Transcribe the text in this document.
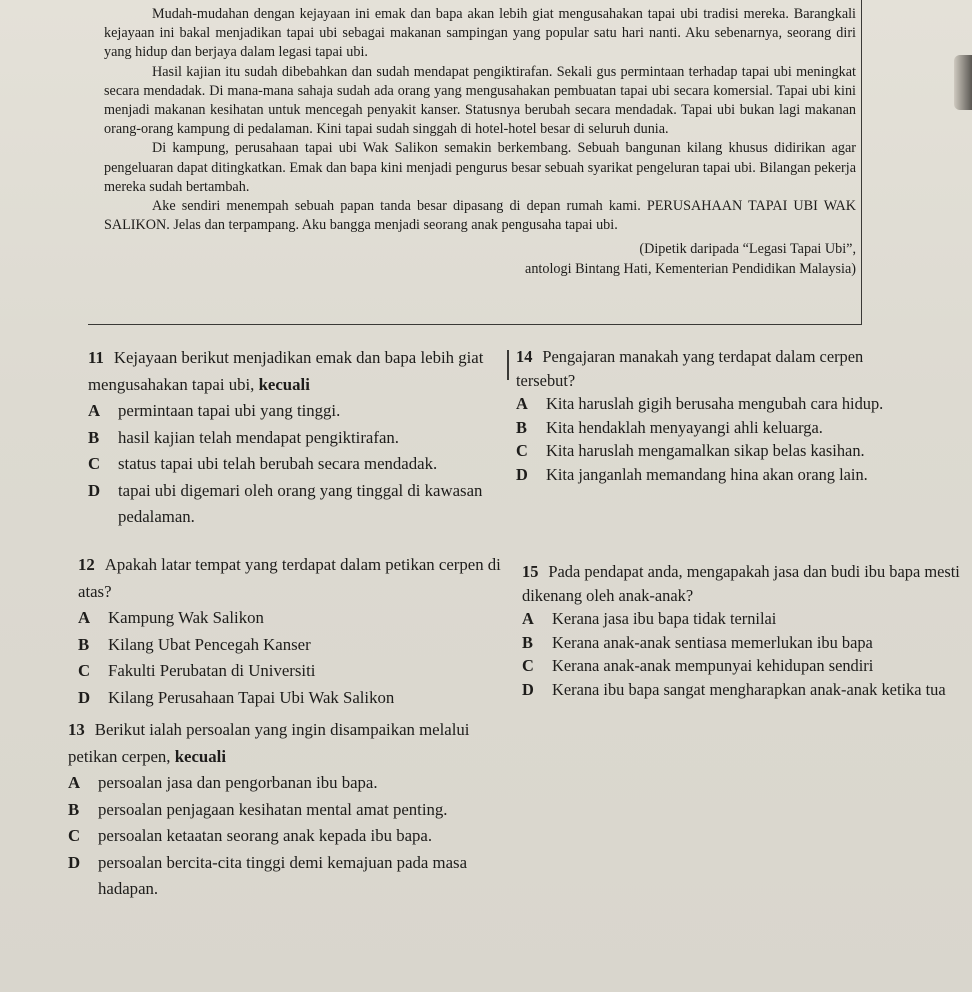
Mudah-mudahan dengan kejayaan ini emak dan bapa akan lebih giat mengusahakan tapai ubi tradisi mereka. Barangkali kejayaan ini bakal menjadikan tapai ubi sebagai makanan sampingan yang popular satu hari nanti. Aku sebenarnya, seorang diri yang hidup dan berjaya dalam legasi tapai ubi.

Hasil kajian itu sudah dibebahkan dan sudah mendapat pengiktirafan. Sekali gus permintaan terhadap tapai ubi meningkat secara mendadak. Di mana-mana sahaja sudah ada orang yang mengusahakan pembuatan tapai ubi secara komersial. Tapai ubi kini menjadi makanan kesihatan untuk mencegah penyakit kanser. Statusnya berubah secara mendadak. Tapai ubi bukan lagi makanan orang-orang kampung di pedalaman. Kini tapai sudah singgah di hotel-hotel besar di seluruh dunia.

Di kampung, perusahaan tapai ubi Wak Salikon semakin berkembang. Sebuah bangunan kilang khusus didirikan agar pengeluaran dapat ditingkatkan. Emak dan bapa kini menjadi pengurus besar sebuah syarikat pengeluran tapai ubi. Bilangan pekerja mereka sudah bertambah.

Ake sendiri menempah sebuah papan tanda besar dipasang di depan rumah kami. PERUSAHAAN TAPAI UBI WAK SALIKON. Jelas dan terpampang. Aku bangga menjadi seorang anak pengusaha tapai ubi.

(Dipetik daripada “Legasi Tapai Ubi”,
antologi Bintang Hati, Kementerian Pendidikan Malaysia)

11 Kejayaan berikut menjadikan emak dan bapa lebih giat mengusahakan tapai ubi, kecuali

A permintaan tapai ubi yang tinggi.

B hasil kajian telah mendapat pengiktirafan.

C status tapai ubi telah berubah secara mendadak.

D tapai ubi digemari oleh orang yang tinggal di kawasan pedalaman.

12 Apakah latar tempat yang terdapat dalam petikan cerpen di atas?

A Kampung Wak Salikon

B Kilang Ubat Pencegah Kanser

C Fakulti Perubatan di Universiti

D Kilang Perusahaan Tapai Ubi Wak Salikon

13 Berikut ialah persoalan yang ingin disampaikan melalui petikan cerpen, kecuali

A persoalan jasa dan pengorbanan ibu bapa.

B persoalan penjagaan kesihatan mental amat penting.

C persoalan ketaatan seorang anak kepada ibu bapa.

D persoalan bercita-cita tinggi demi kemajuan pada masa hadapan.

14 Pengajaran manakah yang terdapat dalam cerpen tersebut?

A Kita haruslah gigih berusaha mengubah cara hidup.

B Kita hendaklah menyayangi ahli keluarga.

C Kita haruslah mengamalkan sikap belas kasihan.

D Kita janganlah memandang hina akan orang lain.

15 Pada pendapat anda, mengapakah jasa dan budi ibu bapa mesti dikenang oleh anak-anak?

A Kerana jasa ibu bapa tidak ternilai

B Kerana anak-anak sentiasa memerlukan ibu bapa

C Kerana anak-anak mempunyai kehidupan sendiri

D Kerana ibu bapa sangat mengharapkan anak-anak ketika tua
